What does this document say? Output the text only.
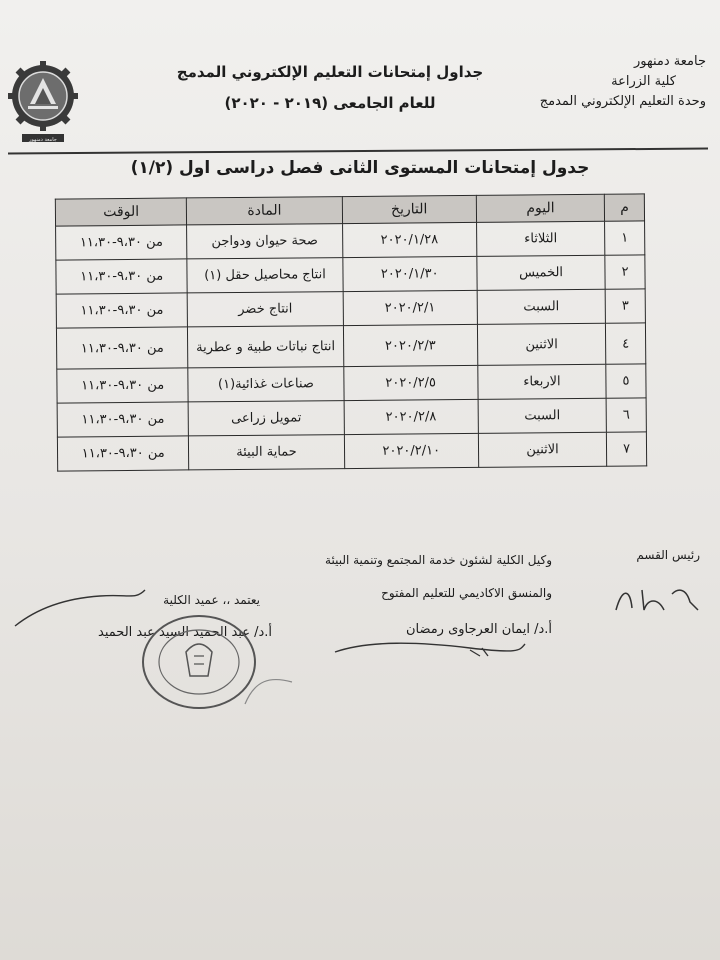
جامعة دمنهور
كلية الزراعة
وحدة التعليم الإلكتروني المدمج
جداول إمتحانات التعليم الإلكتروني المدمج
للعام الجامعى (٢٠١٩ - ٢٠٢٠)
جامعة دمنهور
جدول إمتحانات المستوى الثانى فصل دراسى اول (١/٢)
م	اليوم	التاريخ	المادة	الوقت
١	الثلاثاء	٢٠٢٠/١/٢٨	صحة حيوان ودواجن	من ٩،٣٠-١١،٣٠
٢	الخميس	٢٠٢٠/١/٣٠	انتاج محاصيل حقل (١)	من ٩،٣٠-١١،٣٠
٣	السبت	٢٠٢٠/٢/١	انتاج خضر	من ٩،٣٠-١١،٣٠
٤	الاثنين	٢٠٢٠/٢/٣	انتاج نباتات طبية و عطرية	من ٩،٣٠-١١،٣٠
٥	الاربعاء	٢٠٢٠/٢/٥	صناعات غذائية(١)	من ٩،٣٠-١١،٣٠
٦	السبت	٢٠٢٠/٢/٨	تمويل زراعى	من ٩،٣٠-١١،٣٠
٧	الاثنين	٢٠٢٠/٢/١٠	حماية البيئة	من ٩،٣٠-١١،٣٠
رئيس القسم
وكيل الكلية لشئون خدمة المجتمع وتنمية البيئة
والمنسق الاكاديمي للتعليم المفتوح
أ.د/ ايمان العرجاوى رمضان
يعتمد ،، عميد الكلية
أ.د/ عبد الحميد السيد عبد الحميد
